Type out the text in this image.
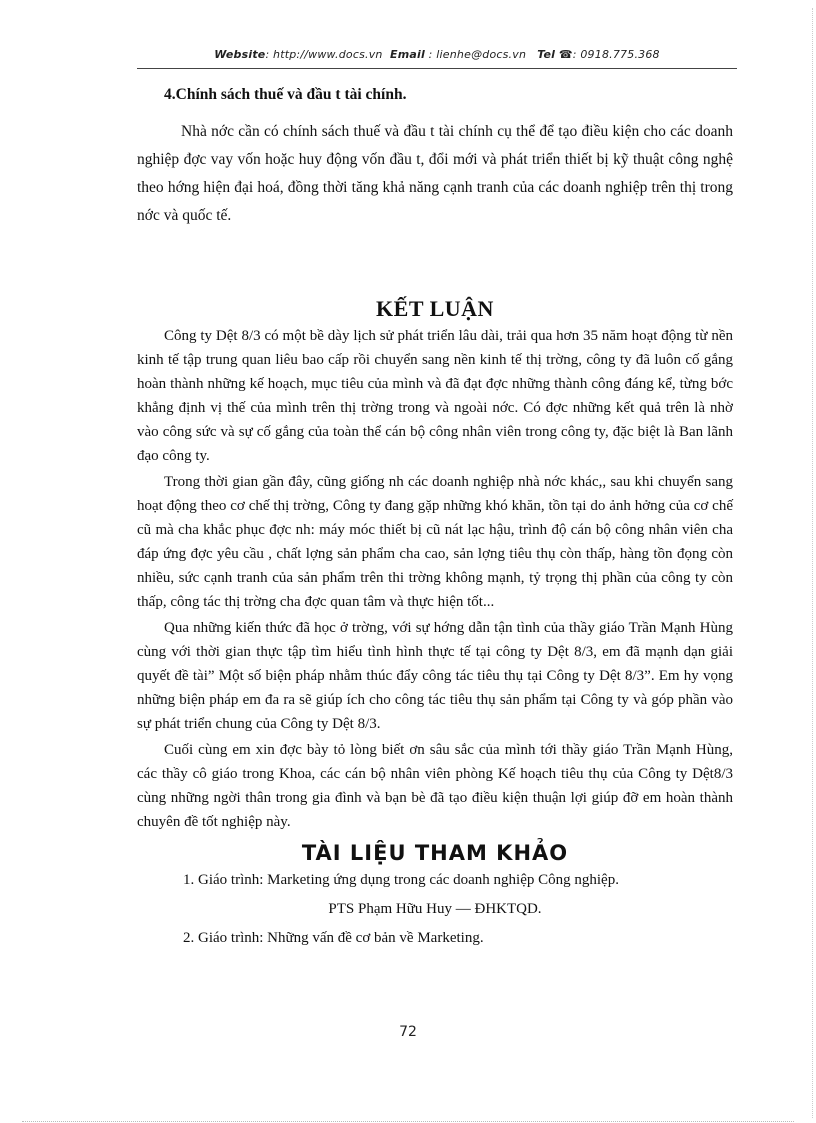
Website: http://www.docs.vn Email : lienhe@docs.vn Tel ☎: 0918.775.368
4.Chính sách thuế và đầu t tài chính.

Nhà nớc cần có chính sách thuế và đầu t tài chính cụ thể để tạo điều kiện cho các doanh nghiệp đợc vay vốn hoặc huy động vốn đầu t, đổi mới và phát triển thiết bị kỹ thuật công nghệ theo hớng hiện đại hoá, đồng thời tăng khả năng cạnh tranh của các doanh nghiệp trên thị trong nớc và quốc tế.

KẾT LUẬN

Công ty Dệt 8/3 có một bề dày lịch sử phát triển lâu dài, trải qua hơn 35 năm hoạt động từ nền kinh tế tập trung quan liêu bao cấp rồi chuyển sang nền kinh tế thị trờng, công ty đã luôn cố gắng hoàn thành những kế hoạch, mục tiêu của mình và đã đạt đợc những thành công đáng kể, từng bớc khẳng định vị thế của mình trên thị trờng trong và ngoài nớc. Có đợc những kết quả trên là nhờ vào công sức và sự cố gắng của toàn thể cán bộ công nhân viên trong công ty, đặc biệt là Ban lãnh đạo công ty.

Trong thời gian gần đây, cũng giống nh các doanh nghiệp nhà nớc khác,, sau khi chuyển sang hoạt động theo cơ chế thị trờng, Công ty đang gặp những khó khăn, tồn tại do ảnh hởng của cơ chế cũ mà cha khắc phục đợc nh: máy móc thiết bị cũ nát lạc hậu, trình độ cán bộ công nhân viên cha đáp ứng đợc yêu cầu , chất lợng sản phẩm cha cao, sản lợng tiêu thụ còn thấp, hàng tồn đọng còn nhiều, sức cạnh tranh của sản phẩm trên thi trờng không mạnh, tỷ trọng thị phần của công ty còn thấp, công tác thị trờng cha đợc quan tâm và thực hiện tốt...

Qua những kiến thức đã học ở trờng, với sự hớng dẫn tận tình của thầy giáo Trần Mạnh Hùng cùng với thời gian thực tập tìm hiểu tình hình thực tế tại công ty Dệt 8/3, em đã mạnh dạn giải quyết đề tài” Một số biện pháp nhằm thúc đẩy công tác tiêu thụ tại Công ty Dệt 8/3”. Em hy vọng những biện pháp em đa ra sẽ giúp ích cho công tác tiêu thụ sản phẩm tại Công ty và góp phần vào sự phát triển chung của Công ty Dệt 8/3.

Cuối cùng em xin đợc bày tỏ lòng biết ơn sâu sắc của mình tới thầy giáo Trần Mạnh Hùng, các thầy cô giáo trong Khoa, các cán bộ nhân viên phòng Kế hoạch tiêu thụ của Công ty Dệt8/3 cùng những ngời thân trong gia đình và bạn bè đã tạo điều kiện thuận lợi giúp đỡ em hoàn thành chuyên đề tốt nghiệp này.

TÀI LIỆU THAM KHẢO

1. Giáo trình: Marketing ứng dụng trong các doanh nghiệp Công nghiệp.

PTS Phạm Hữu Huy — ĐHKTQD.

2. Giáo trình: Những vấn đề cơ bản về Marketing.

72
